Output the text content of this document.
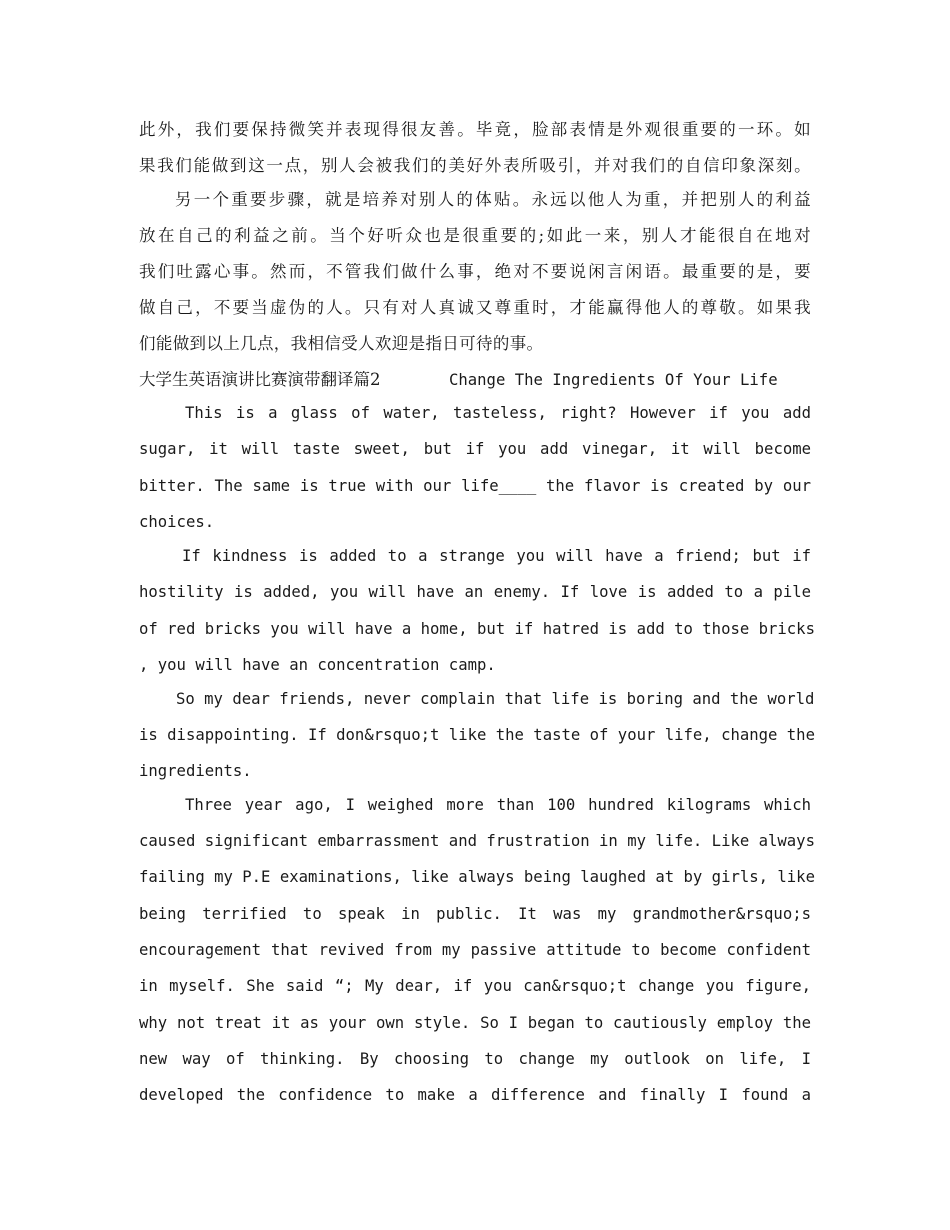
此外，我们要保持微笑并表现得很友善。毕竟，脸部表情是外观很重要的一环。如
果我们能做到这一点，别人会被我们的美好外表所吸引，并对我们的自信印象深刻。
另一个重要步骤，就是培养对别人的体贴。永远以他人为重，并把别人的利益
放在自己的利益之前。当个好听众也是很重要的;如此一来，别人才能很自在地对
我们吐露心事。然而，不管我们做什么事，绝对不要说闲言闲语。最重要的是，要
做自己，不要当虚伪的人。只有对人真诚又尊重时，才能赢得他人的尊敬。如果我
们能做到以上几点，我相信受人欢迎是指日可待的事。
大学生英语演讲比赛演带翻译篇2	Change The Ingredients Of Your Life
This is a glass of water, tasteless, right? However if you add
sugar, it will taste sweet, but if you add vinegar, it will become
bitter. The same is true with our life____ the flavor is created by our
choices.
If kindness is added to a strange you will have a friend; but if
hostility is added, you will have an enemy. If love is added to a pile
of red bricks you will have a home, but if hatred is add to those bricks
, you will have an concentration camp.
So my dear friends, never complain that life is boring and the world
is disappointing. If don&rsquo;t like the taste of your life, change the
ingredients.
Three year ago, I weighed more than 100 hundred kilograms which
caused significant embarrassment and frustration in my life. Like always
failing my P.E examinations, like always being laughed at by girls, like
being terrified to speak in public. It was my grandmother&rsquo;s
encouragement that revived from my passive attitude to become confident
in myself. She said “; My dear, if you can&rsquo;t change you figure,
why not treat it as your own style. So I began to cautiously employ the
new way of thinking. By choosing to change my outlook on life, I
developed the confidence to make a difference and finally I found a
